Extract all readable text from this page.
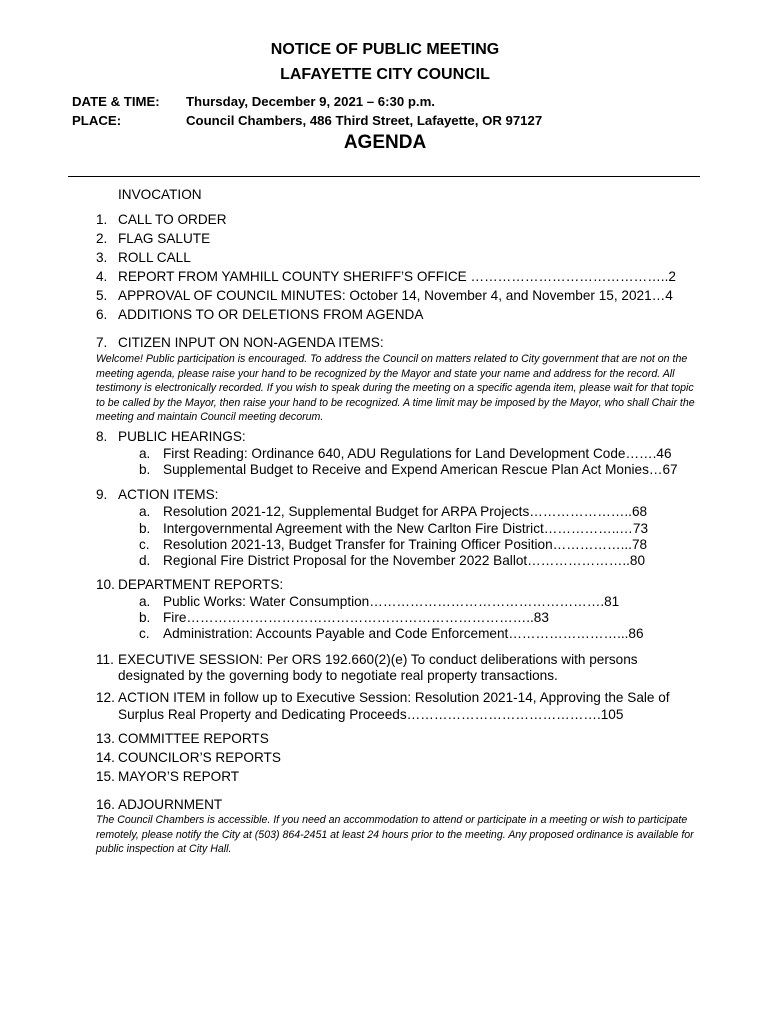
NOTICE OF PUBLIC MEETING
LAFAYETTE CITY COUNCIL
DATE & TIME: Thursday, December 9, 2021 – 6:30 p.m.
PLACE:	Council Chambers, 486 Third Street, Lafayette, OR 97127
AGENDA
INVOCATION
1. CALL TO ORDER
2. FLAG SALUTE
3. ROLL CALL
4. REPORT FROM YAMHILL COUNTY SHERIFF’S OFFICE ……………………………………..2
5. APPROVAL OF COUNCIL MINUTES: October 14, November 4, and November 15, 2021…4
6. ADDITIONS TO OR DELETIONS FROM AGENDA
7. CITIZEN INPUT ON NON-AGENDA ITEMS:
Welcome! Public participation is encouraged. To address the Council on matters related to City government that are not on the meeting agenda, please raise your hand to be recognized by the Mayor and state your name and address for the record. All testimony is electronically recorded. If you wish to speak during the meeting on a specific agenda item, please wait for that topic to be called by the Mayor, then raise your hand to be recognized. A time limit may be imposed by the Mayor, who shall Chair the meeting and maintain Council meeting decorum.
8. PUBLIC HEARINGS:
a. First Reading: Ordinance 640, ADU Regulations for Land Development Code…….46
b. Supplemental Budget to Receive and Expend American Rescue Plan Act Monies…67
9. ACTION ITEMS:
a. Resolution 2021-12, Supplemental Budget for ARPA Projects…………………..68
b. Intergovernmental Agreement with the New Carlton Fire District……………..…73
c. Resolution 2021-13, Budget Transfer for Training Officer Position……………...78
d. Regional Fire District Proposal for the November 2022 Ballot…………………..80
10. DEPARTMENT REPORTS:
a. Public Works: Water Consumption…………………………………………….81
b. Fire…………………………………………………………………..83
c. Administration: Accounts Payable and Code Enforcement……………………...86
11. EXECUTIVE SESSION: Per ORS 192.660(2)(e) To conduct deliberations with persons
designated by the governing body to negotiate real property transactions.
12. ACTION ITEM in follow up to Executive Session: Resolution 2021-14, Approving the Sale of
Surplus Real Property and Dedicating Proceeds…………………………………….105
13. COMMITTEE REPORTS
14. COUNCILOR’S REPORTS
15. MAYOR’S REPORT
16. ADJOURNMENT
The Council Chambers is accessible. If you need an accommodation to attend or participate in a meeting or wish to participate remotely, please notify the City at (503) 864-2451 at least 24 hours prior to the meeting. Any proposed ordinance is available for public inspection at City Hall.
